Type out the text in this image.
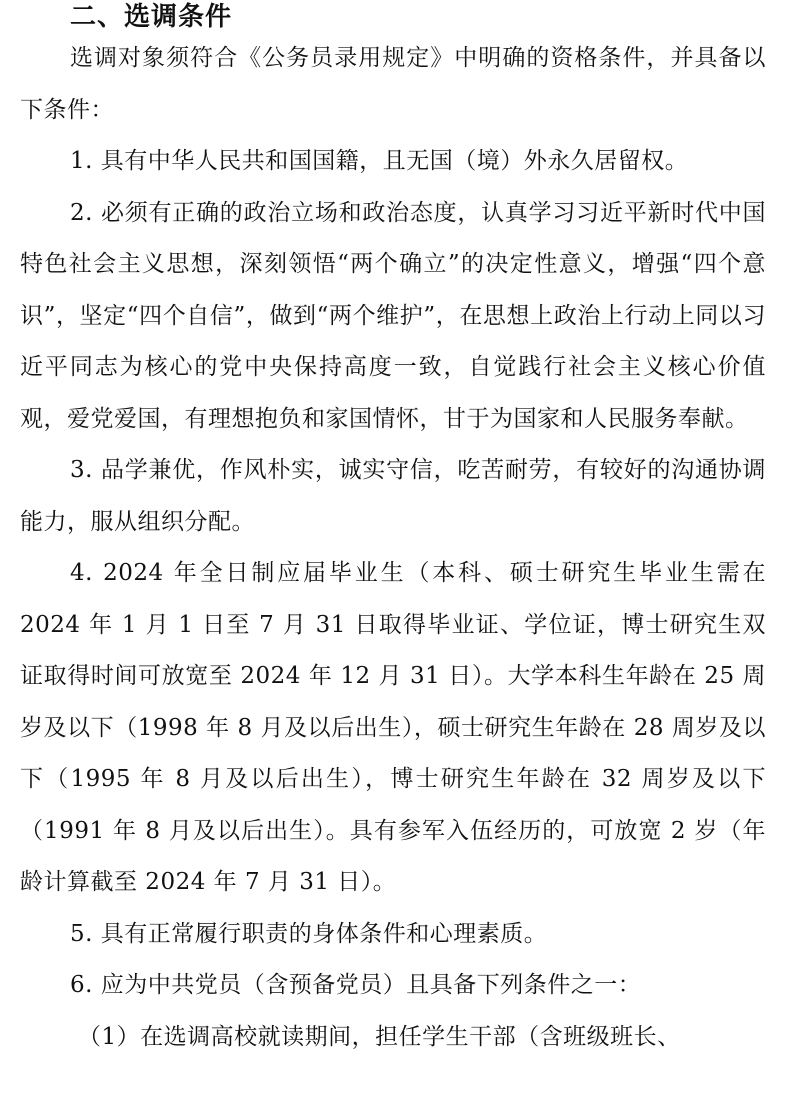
二、选调条件

选调对象须符合《公务员录用规定》中明确的资格条件，并具备以下条件：

1. 具有中华人民共和国国籍，且无国（境）外永久居留权。

2. 必须有正确的政治立场和政治态度，认真学习习近平新时代中国特色社会主义思想，深刻领悟“两个确立”的决定性意义，增强“四个意识”，坚定“四个自信”，做到“两个维护”，在思想上政治上行动上同以习近平同志为核心的党中央保持高度一致，自觉践行社会主义核心价值观，爱党爱国，有理想抱负和家国情怀，甘于为国家和人民服务奉献。

3. 品学兼优，作风朴实，诚实守信，吃苦耐劳，有较好的沟通协调能力，服从组织分配。

4. 2024 年全日制应届毕业生（本科、硕士研究生毕业生需在 2024 年 1 月 1 日至 7 月 31 日取得毕业证、学位证，博士研究生双证取得时间可放宽至 2024 年 12 月 31 日）。大学本科生年龄在 25 周岁及以下（1998 年 8 月及以后出生），硕士研究生年龄在 28 周岁及以下（1995 年 8 月及以后出生），博士研究生年龄在 32 周岁及以下（1991 年 8 月及以后出生）。具有参军入伍经历的，可放宽 2 岁（年龄计算截至 2024 年 7 月 31 日）。

5. 具有正常履行职责的身体条件和心理素质。

6. 应为中共党员（含预备党员）且具备下列条件之一：

（1）在选调高校就读期间，担任学生干部（含班级班长、
